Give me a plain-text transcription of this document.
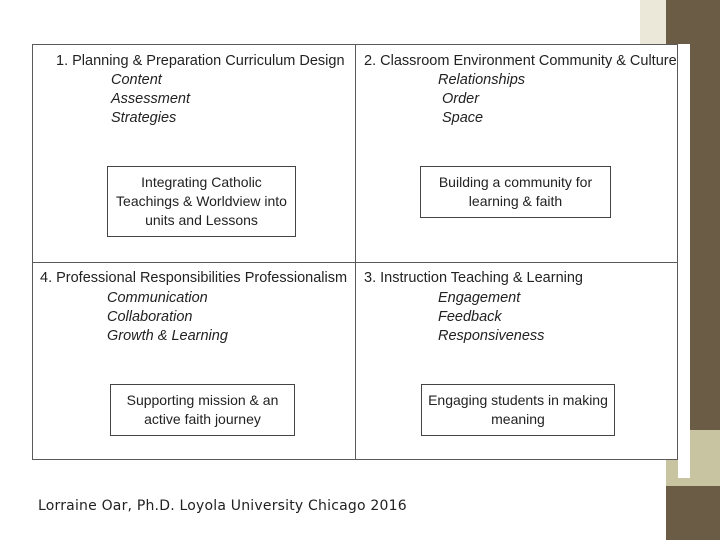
1. Planning & Preparation Curriculum Design
Content
Assessment
Strategies
Integrating Catholic Teachings & Worldview into units and Lessons
2. Classroom Environment Community & Culture
Relationships
Order
Space
Building a community for learning & faith
4. Professional Responsibilities Professionalism
Communication
Collaboration
Growth & Learning
Supporting mission & an active faith journey
3. Instruction Teaching & Learning
Engagement
Feedback
Responsiveness
Engaging students in making meaning
Lorraine Oar, Ph.D. Loyola University Chicago 2016
